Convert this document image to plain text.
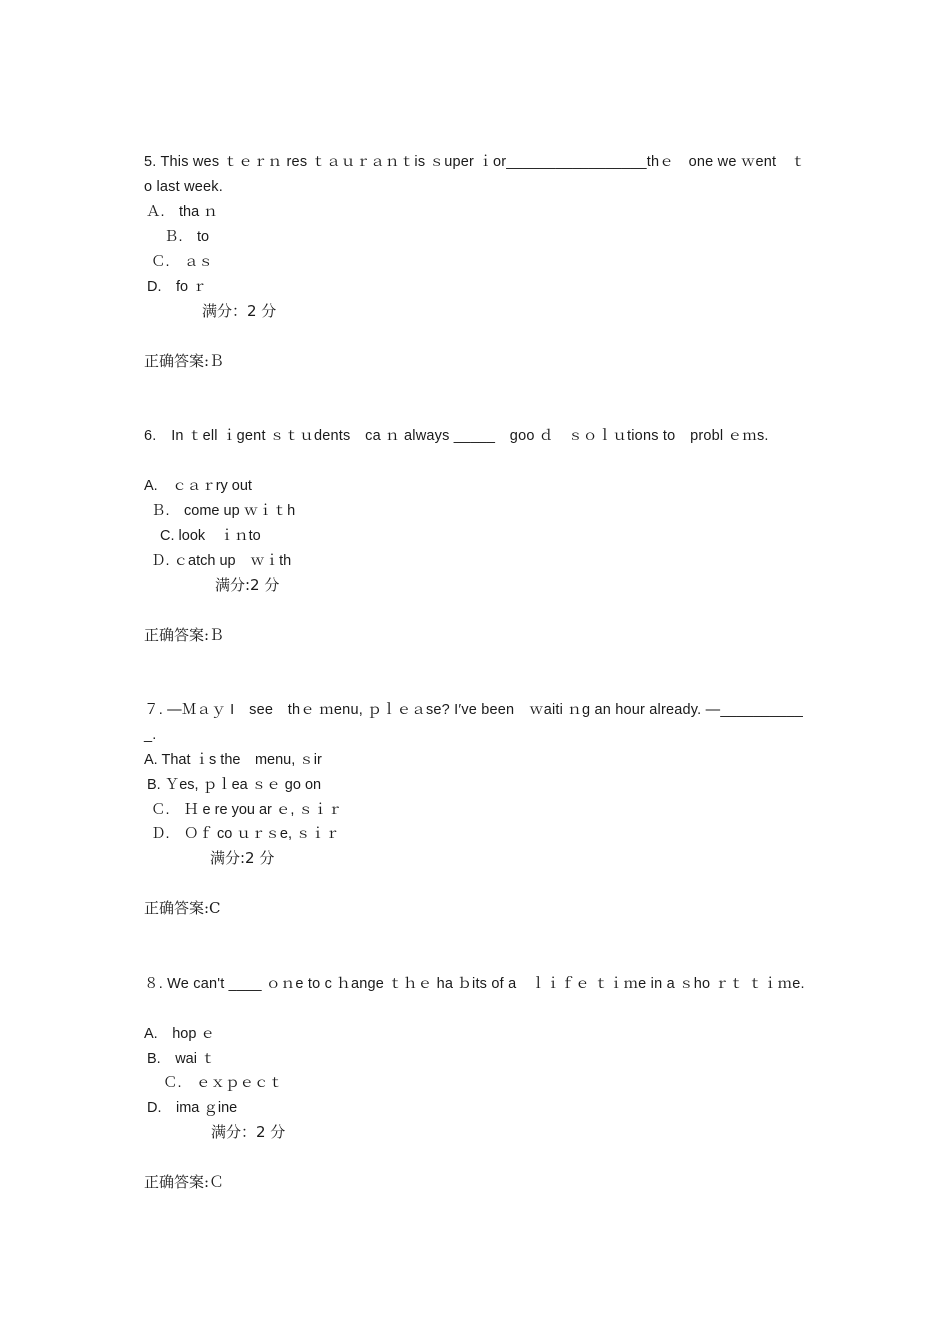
5. This wes ｔｅｒｎ res ｔａｕｒａｎｔis ｓuper ｉor_________________thｅ　one we ｗent　ｔo last week.
Ａ.　tha ｎ
Ｂ.　to
Ｃ.　ａｓ
D.　fo ｒ
满分：2 分
正确答案:Ｂ
6.　In ｔell ｉgent ｓｔｕdents　ca ｎ always _____　goo ｄ　ｓｏｌｕtions to　probl ｅｍs.
A.　ｃａｒry out
Ｂ.　come up ｗｉｔh
C. look　ｉｎto
Ｄ. ｃatch up　ｗｉth
满分:2 分
正确答案:Ｂ
７. —Ｍａｙ I　see　thｅ ｍenu, ｐｌｅａse? I′ve been　ｗaiti ｎg an hour already. —___________.
A. That ｉs the　menu, ｓir
B. Ｙes, ｐｌea ｓｅ go on
Ｃ.　Ｈ e re you ar ｅ, ｓｉｒ
Ｄ.　Ｏｆ co ｕｒｓe, ｓｉｒ
满分:2 分
正确答案:C
８. We can't ____ ｏｎe to c ｈange ｔｈｅ ha ｂits of a　ｌｉｆｅ ｔｉｍe in a ｓho ｒｔ ｔｉｍe.
A.　hop ｅ
B.　wai ｔ
Ｃ.　ｅｘｐｅｃｔ
D.　ima ｇine
满分：2 分
正确答案:Ｃ
